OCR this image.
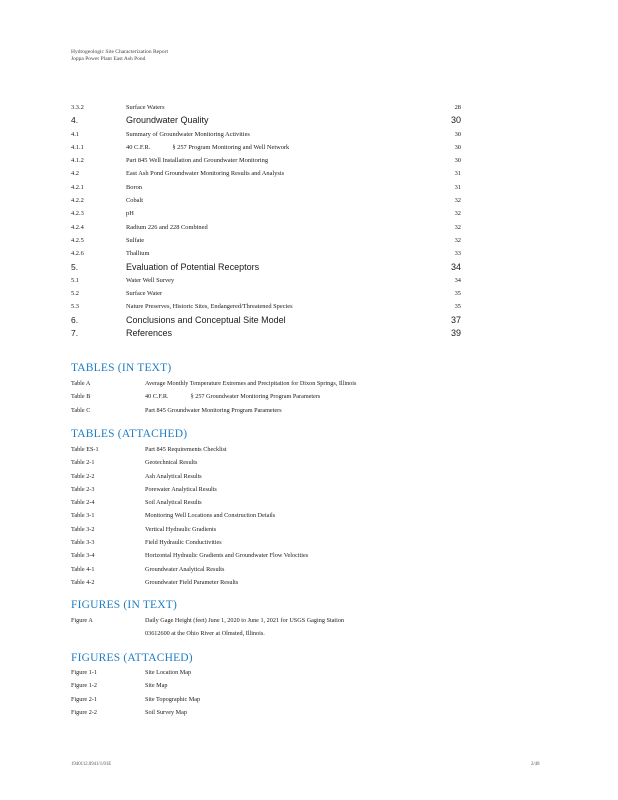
Hydrogeologic Site Characterization Report
Joppa Power Plant East Ash Pond
3.3.2	Surface Waters	28
4.	Groundwater Quality	30
4.1	Summary of Groundwater Monitoring Activities	30
4.1.1	40 C.F.R.	§ 257 Program Monitoring and Well Network	30
4.1.2	Part 845 Well Installation and Groundwater Monitoring	30
4.2	East Ash Pond Groundwater Monitoring Results and Analysis	31
4.2.1	Boron	31
4.2.2	Cobalt	32
4.2.3	pH	32
4.2.4	Radium 226 and 228 Combined	32
4.2.5	Sulfate	32
4.2.6	Thallium	33
5.	Evaluation of Potential Receptors	34
5.1	Water Well Survey	34
5.2	Surface Water	35
5.3	Nature Preserves, Historic Sites, Endangered/Threatened Species	35
6.	Conclusions and Conceptual Site Model	37
7.	References	39
TABLES (IN TEXT)
Table A	Average Monthly Temperature Extremes and Precipitation for Dixon Springs, Illinois
Table B	40 C.F.R.	§ 257 Groundwater Monitoring Program Parameters
Table C	Part 845 Groundwater Monitoring Program Parameters
TABLES (ATTACHED)
Table ES-1	Part 845 Requirements Checklist
Table 2-1	Geotechnical Results
Table 2-2	Ash Analytical Results
Table 2-3	Porewater Analytical Results
Table 2-4	Soil Analytical Results
Table 3-1	Monitoring Well Locations and Construction Details
Table 3-2	Vertical Hydraulic Gradients
Table 3-3	Field Hydraulic Conductivities
Table 3-4	Horizontal Hydraulic Gradients and Groundwater Flow Velocities
Table 4-1	Groundwater Analytical Results
Table 4-2	Groundwater Field Parameter Results
FIGURES (IN TEXT)
Figure A	Daily Gage Height (feet) June 1, 2020 to June 1, 2021 for USGS Gaging Station
03612600 at the Ohio River at Olmsted, Illinois.
FIGURES (ATTACHED)
Figure 1-1	Site Location Map
Figure 1-2	Site Map
Figure 2-1	Site Topographic Map
Figure 2-2	Soil Survey Map
1940112.0941/1/01E	2/48
